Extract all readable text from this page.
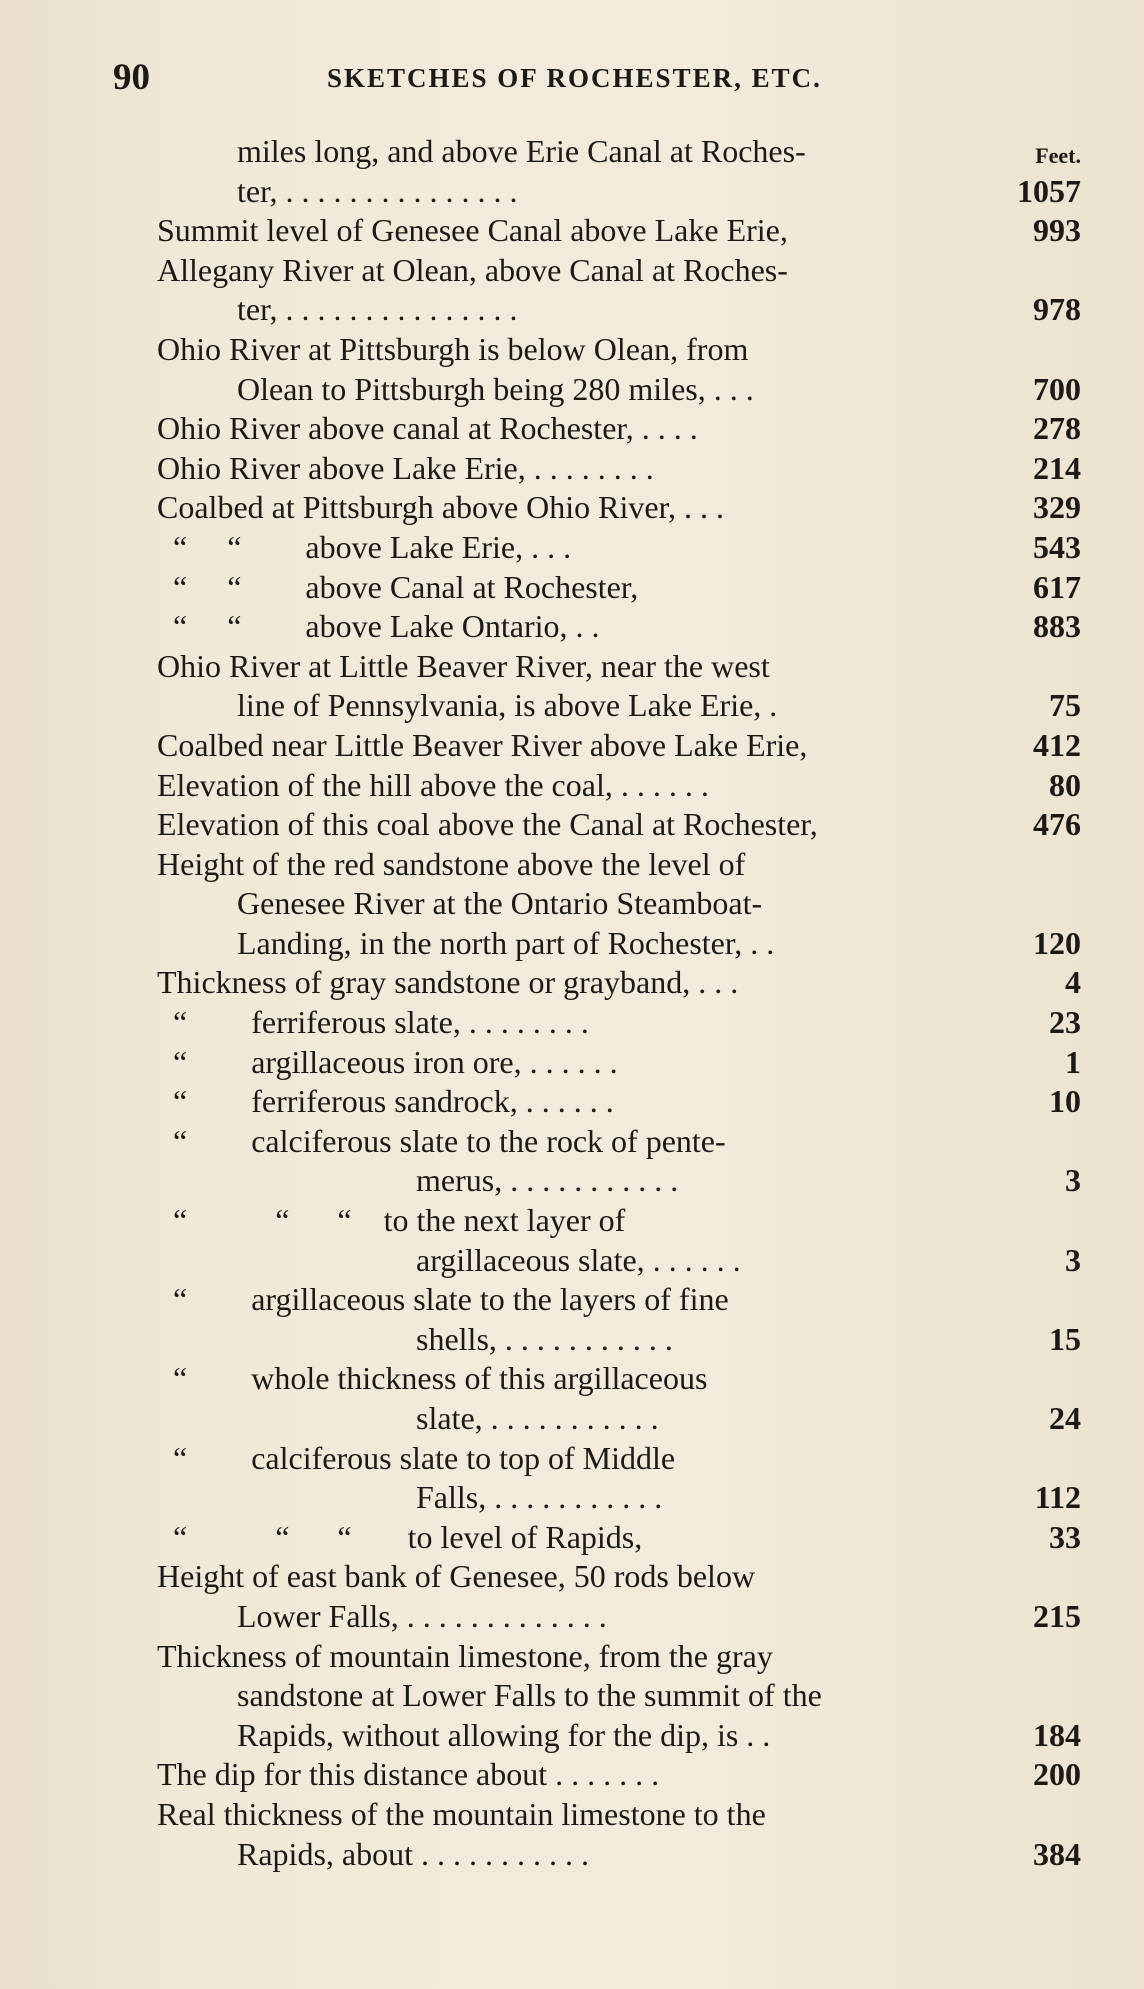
90	SKETCHES OF ROCHESTER, ETC.
miles long, and above Erie Canal at Roches-	Feet.
ter, . . . . . . . . . . . . . . .	1057
Summit level of Genesee Canal above Lake Erie,	993
Allegany River at Olean, above Canal at Roches-
ter, . . . . . . . . . . . . . . .	978
Ohio River at Pittsburgh is below Olean, from
Olean to Pittsburgh being 280 miles, . . .	700
Ohio River above canal at Rochester, . . . .	278
Ohio River above Lake Erie, . . . . . . . .	214
Coalbed at Pittsburgh above Ohio River, . . .	329
“     “        above Lake Erie, . . .	543
“     “        above Canal at Rochester,	617
“     “        above Lake Ontario, . .	883
Ohio River at Little Beaver River, near the west
line of Pennsylvania, is above Lake Erie, .	75
Coalbed near Little Beaver River above Lake Erie,	412
Elevation of the hill above the coal, . . . . . .	80
Elevation of this coal above the Canal at Rochester,	476
Height of the red sandstone above the level of
Genesee River at the Ontario Steamboat-
Landing, in the north part of Rochester, . .	120
Thickness of gray sandstone or grayband, . . .	4
“        ferriferous slate, . . . . . . . .	23
“        argillaceous iron ore, . . . . . .	1
“        ferriferous sandrock, . . . . . .	10
“        calciferous slate to the rock of pente-
merus, . . . . . . . . . . .	3
“           “      “    to the next layer of
argillaceous slate, . . . . . .	3
“        argillaceous slate to the layers of fine
shells, . . . . . . . . . . .	15
“        whole thickness of this argillaceous
slate, . . . . . . . . . . .	24
“        calciferous slate to top of Middle
Falls, . . . . . . . . . . .	112
“           “      “       to level of Rapids,	33
Height of east bank of Genesee, 50 rods below
Lower Falls, . . . . . . . . . . . . .	215
Thickness of mountain limestone, from the gray
sandstone at Lower Falls to the summit of the
Rapids, without allowing for the dip, is . .	184
The dip for this distance about . . . . . . .	200
Real thickness of the mountain limestone to the
Rapids, about . . . . . . . . . . .	384
